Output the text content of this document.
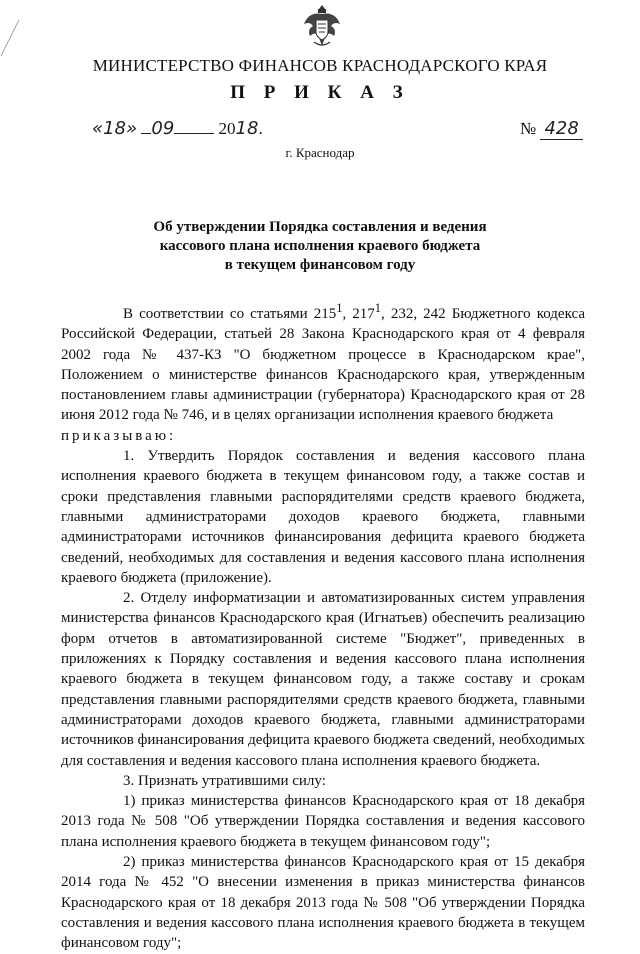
МИНИСТЕРСТВО ФИНАНСОВ КРАСНОДАРСКОГО КРАЯ
П Р И К А З
«18» 09	2018.	№ 428
г. Краснодар
Об утверждении Порядка составления и ведения
кассового плана исполнения краевого бюджета
в текущем финансовом году

В соответствии со статьями $215^1$, $217^1$, 232, 242 Бюджетного кодекса Российской Федерации, статьей 28 Закона Краснодарского края от 4 февраля 2002 года № 437-КЗ "О бюджетном процессе в Краснодарском крае", Положением о министерстве финансов Краснодарского края, утвержденным постановлением главы администрации (губернатора) Краснодарского края от 28 июня 2012 года № 746, и в целях организации исполнения краевого бюджета

приказываю:

1. Утвердить Порядок составления и ведения кассового плана исполнения краевого бюджета в текущем финансовом году, а также состав и сроки представления главными распорядителями средств краевого бюджета, главными администраторами доходов краевого бюджета, главными администраторами источников финансирования дефицита краевого бюджета сведений, необходимых для составления и ведения кассового плана исполнения краевого бюджета (приложение).

2. Отделу информатизации и автоматизированных систем управления министерства финансов Краснодарского края (Игнатьев) обеспечить реализацию форм отчетов в автоматизированной системе "Бюджет", приведенных в приложениях к Порядку составления и ведения кассового плана исполнения краевого бюджета в текущем финансовом году, а также составу и срокам представления главными распорядителями средств краевого бюджета, главными администраторами доходов краевого бюджета, главными администраторами источников финансирования дефицита краевого бюджета сведений, необходимых для составления и ведения кассового плана исполнения краевого бюджета.

3. Признать утратившими силу:

1) приказ министерства финансов Краснодарского края от 18 декабря 2013 года № 508 "Об утверждении Порядка составления и ведения кассового плана исполнения краевого бюджета в текущем финансовом году";

2) приказ министерства финансов Краснодарского края от 15 декабря 2014 года № 452 "О внесении изменения в приказ министерства финансов Краснодарского края от 18 декабря 2013 года № 508 "Об утверждении Порядка составления и ведения кассового плана исполнения краевого бюджета в текущем финансовом году";
